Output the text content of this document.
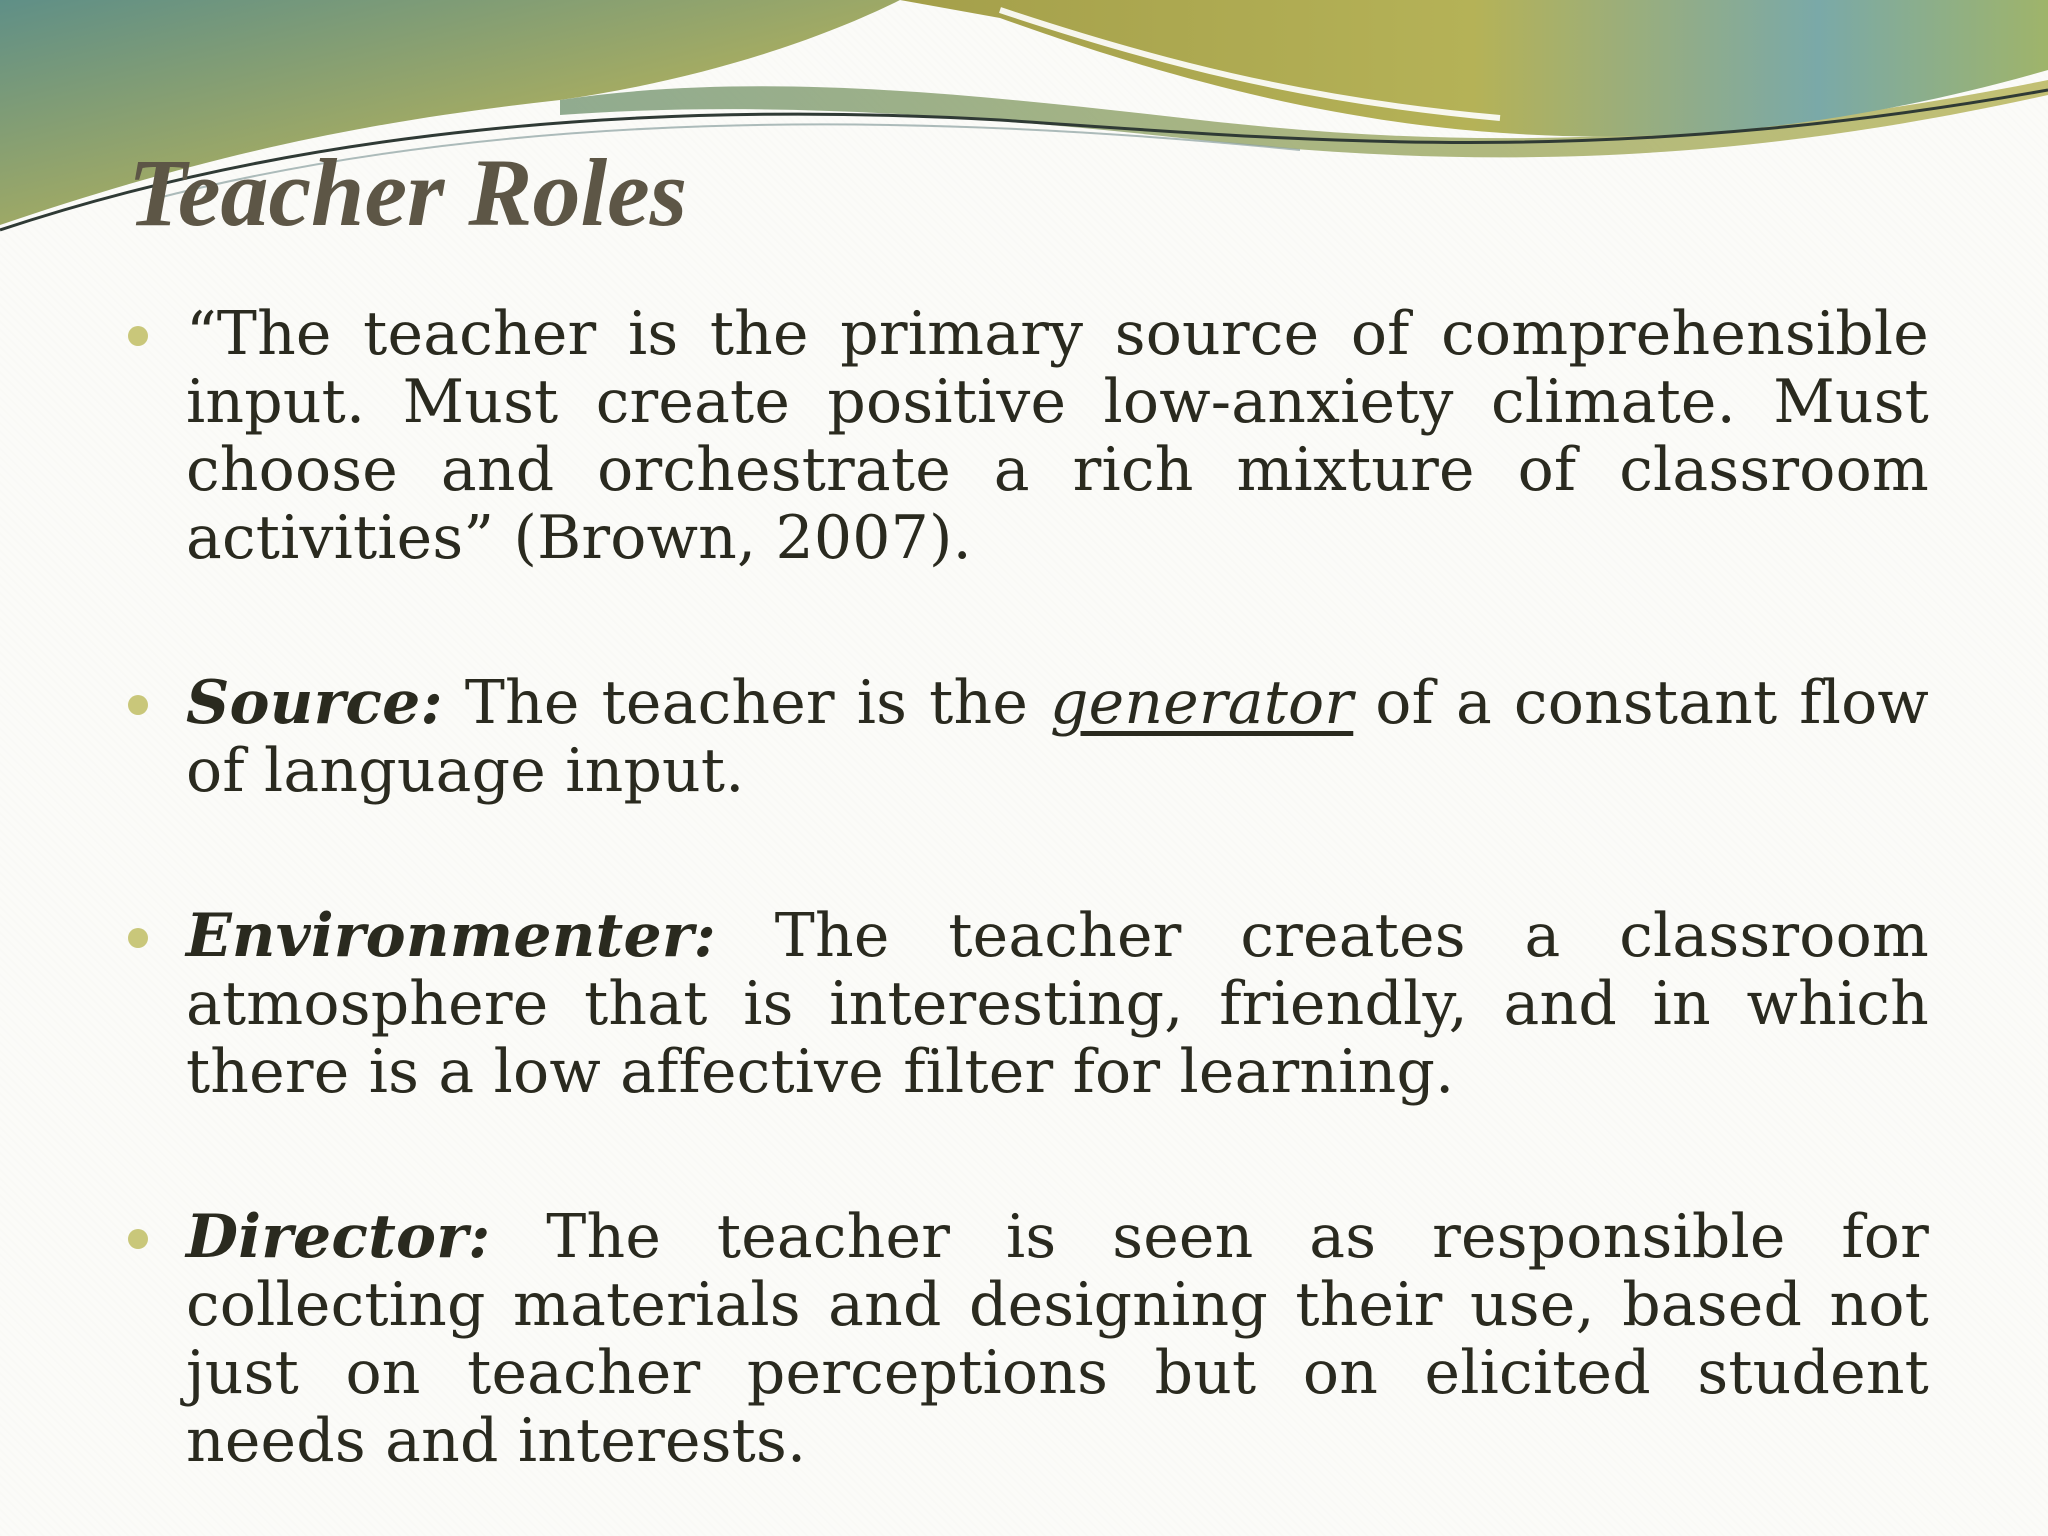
Teacher Roles
“The teacher is the primary source of comprehensible input. Must create positive low-anxiety climate. Must choose and orchestrate a rich mixture of classroom activities” (Brown, 2007).
Source: The teacher is the generator of a constant flow of language input.
Environmenter: The teacher creates a classroom atmosphere that is interesting, friendly, and in which there is a low affective filter for learning.
Director: The teacher is seen as responsible for collecting materials and designing their use, based not just on teacher perceptions but on elicited student needs and interests.
